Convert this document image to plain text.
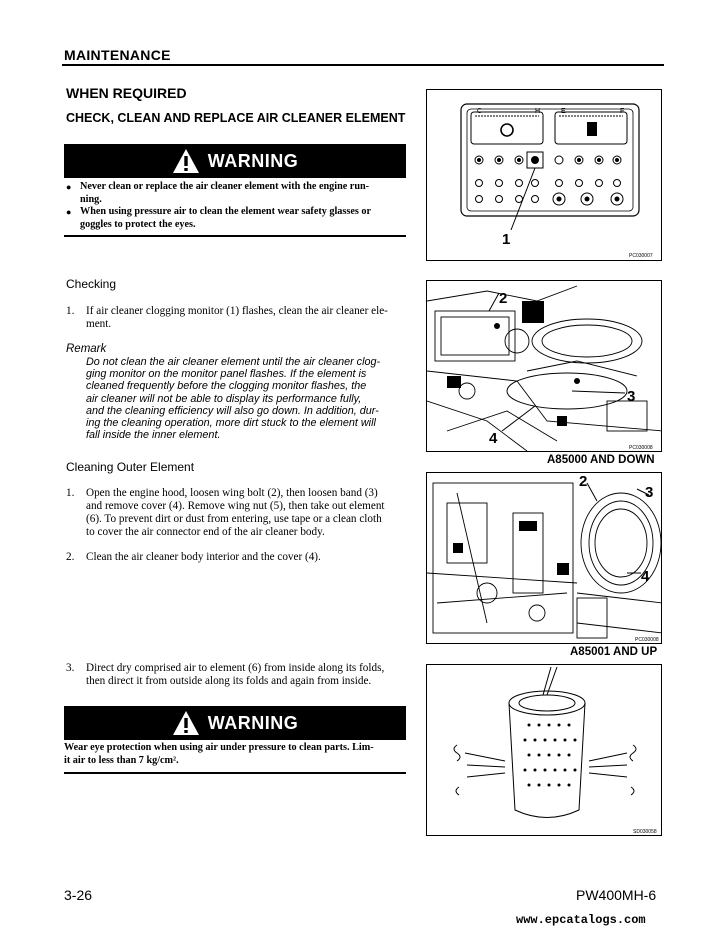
MAINTENANCE
WHEN REQUIRED
CHECK, CLEAN AND REPLACE AIR CLEANER ELEMENT
WARNING
● Never clean or replace the air cleaner element with the engine run-
ning.
● When using pressure air to clean the element wear safety glasses or
goggles to protect the eyes.
Checking
1. If air cleaner clogging monitor (1) flashes, clean the air cleaner ele-
ment.
Remark
Do not clean the air cleaner element until the air cleaner clog-
ging monitor on the monitor panel flashes. If the element is
cleaned frequently before the clogging monitor flashes, the
air cleaner will not be able to display its performance fully,
and the cleaning efficiency will also go down. In addition, dur-
ing the cleaning operation, more dirt stuck to the element will
fall inside the inner element.
Cleaning Outer Element
1. Open the engine hood, loosen wing bolt (2), then loosen band (3)
and remove cover (4). Remove wing nut (5), then take out element
(6). To prevent dirt or dust from entering, use tape or a clean cloth
to cover the air connector end of the air cleaner body.
2. Clean the air cleaner body interior and the cover (4).
3. Direct dry comprised air to element (6) from inside along its folds,
then direct it from outside along its folds and again from inside.
WARNING
Wear eye protection when using air under pressure to clean parts. Lim-
it air to less than 7 kg/cm².
C	H	E	F
1
PC030007
2
3
4
PC030008
A85000 AND DOWN
2
3
4
PC030008
A85001 AND UP
SD030058
3-26	PW400MH-6
www.epcatalogs.com
